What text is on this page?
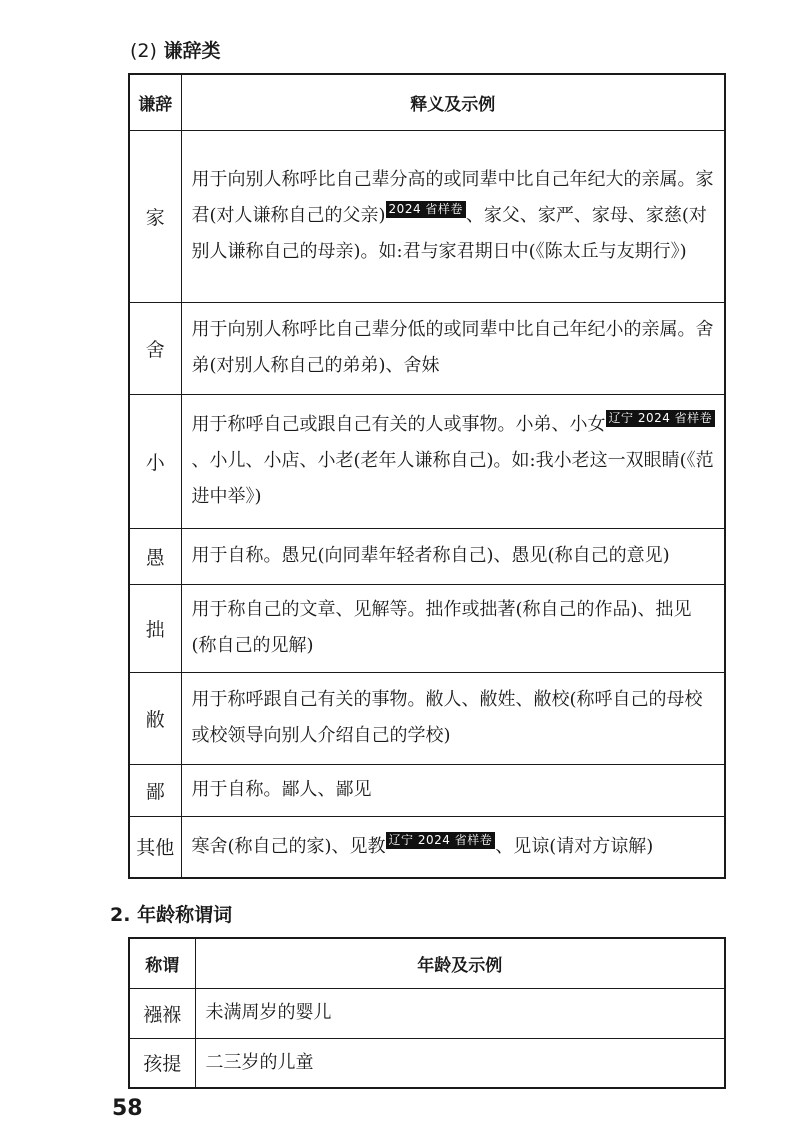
(2) 谦辞类
谦辞	释义及示例
家	用于向别人称呼比自己辈分高的或同辈中比自己年纪大的亲属。家君(对人谦称自己的父亲) 2024 省样卷 、家父、家严、家母、家慈(对别人谦称自己的母亲)。如:君与家君期日中(《陈太丘与友期行》)
舍	用于向别人称呼比自己辈分低的或同辈中比自己年纪小的亲属。舍弟(对别人称自己的弟弟)、舍妹
小	用于称呼自己或跟自己有关的人或事物。小弟、小女 辽宁 2024 省样卷、小儿、小店、小老(老年人谦称自己)。如:我小老这一双眼睛(《范进中举》)
愚	用于自称。愚兄(向同辈年轻者称自己)、愚见(称自己的意见)
拙	用于称自己的文章、见解等。拙作或拙著(称自己的作品)、拙见(称自己的见解)
敝	用于称呼跟自己有关的事物。敝人、敝姓、敝校(称呼自己的母校或校领导向别人介绍自己的学校)
鄙	用于自称。鄙人、鄙见
其他	寒舍(称自己的家)、见教 辽宁 2024 省样卷 、见谅(请对方谅解)
2. 年龄称谓词
称谓	年龄及示例
襁褓	未满周岁的婴儿
孩提	二三岁的儿童
58
